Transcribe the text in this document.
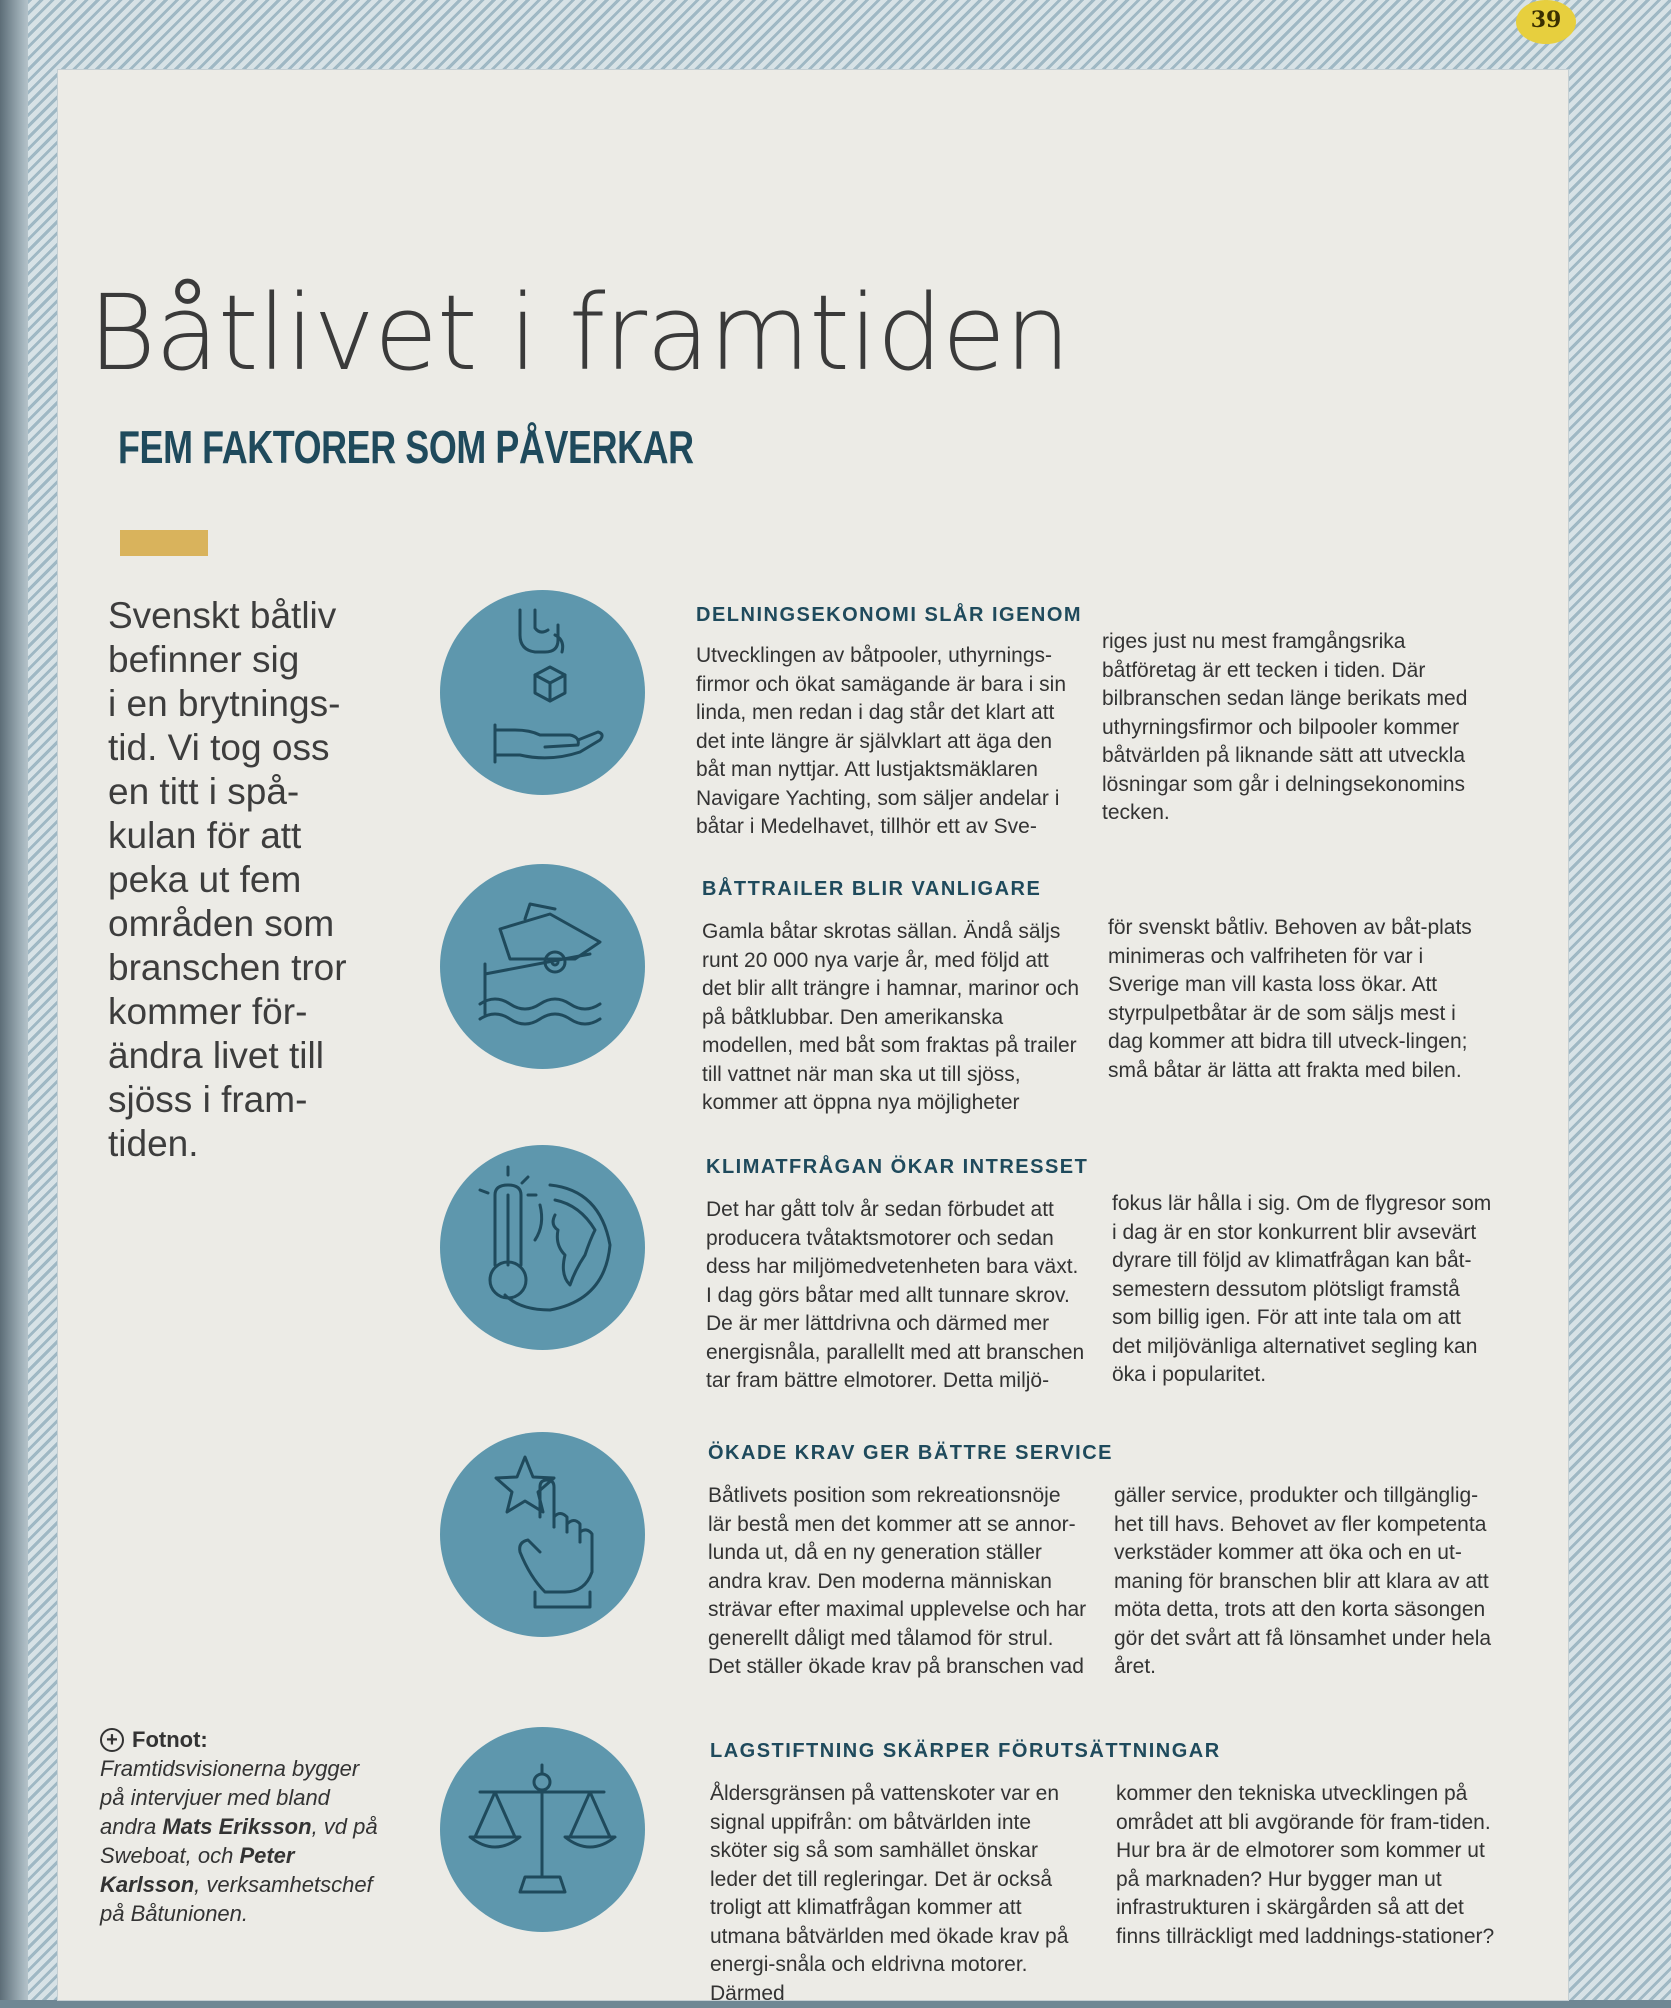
39
Båtlivet i framtiden
FEM FAKTORER SOM PÅVERKAR
Svenskt båtliv
befinner sig
i en brytnings-
tid. Vi tog oss
en titt i spå-
kulan för att
peka ut fem
områden som
branschen tror
kommer för-
ändra livet till
sjöss i fram-
tiden.
DELNINGSEKONOMI SLÅR IGENOM

Utvecklingen av båtpooler, uthyrnings-firmor och ökat samägande är bara i sin linda, men redan i dag står det klart att det inte längre är självklart att äga den båt man nyttjar. Att lustjaktsmäklaren Navigare Yachting, som säljer andelar i båtar i Medelhavet, tillhör ett av Sve-

riges just nu mest framgångsrika båtföretag är ett tecken i tiden. Där bilbranschen sedan länge berikats med uthyrningsfirmor och bilpooler kommer båtvärlden på liknande sätt att utveckla lösningar som går i delningsekonomins tecken.

BÅTTRAILER BLIR VANLIGARE

Gamla båtar skrotas sällan. Ändå säljs runt 20 000 nya varje år, med följd att det blir allt trängre i hamnar, marinor och på båtklubbar. Den amerikanska modellen, med båt som fraktas på trailer till vattnet när man ska ut till sjöss, kommer att öppna nya möjligheter

för svenskt båtliv. Behoven av båt-plats minimeras och valfriheten för var i Sverige man vill kasta loss ökar. Att styrpulpetbåtar är de som säljs mest i dag kommer att bidra till utveck-lingen; små båtar är lätta att frakta med bilen.

KLIMATFRÅGAN ÖKAR INTRESSET

Det har gått tolv år sedan förbudet att producera tvåtaktsmotorer och sedan dess har miljömedvetenheten bara växt. I dag görs båtar med allt tunnare skrov. De är mer lättdrivna och därmed mer energisnåla, parallellt med att branschen tar fram bättre elmotorer. Detta miljö-

fokus lär hålla i sig. Om de flygresor som i dag är en stor konkurrent blir avsevärt dyrare till följd av klimatfrågan kan båt-semestern dessutom plötsligt framstå som billig igen. För att inte tala om att det miljövänliga alternativet segling kan öka i popularitet.

ÖKADE KRAV GER BÄTTRE SERVICE

Båtlivets position som rekreationsnöje lär bestå men det kommer att se annor-lunda ut, då en ny generation ställer andra krav. Den moderna människan strävar efter maximal upplevelse och har generellt dåligt med tålamod för strul. Det ställer ökade krav på branschen vad

gäller service, produkter och tillgänglig-het till havs. Behovet av fler kompetenta verkstäder kommer att öka och en ut-maning för branschen blir att klara av att möta detta, trots att den korta säsongen gör det svårt att få lönsamhet under hela året.

LAGSTIFTNING SKÄRPER FÖRUTSÄTTNINGAR

Åldersgränsen på vattenskoter var en signal uppifrån: om båtvärlden inte sköter sig så som samhället önskar leder det till regleringar. Det är också troligt att klimatfrågan kommer att utmana båtvärlden med ökade krav på energi-snåla och eldrivna motorer. Därmed

kommer den tekniska utvecklingen på området att bli avgörande för fram-tiden. Hur bra är de elmotorer som kommer ut på marknaden? Hur bygger man ut infrastrukturen i skärgården så att det finns tillräckligt med laddnings-stationer?

+ Fotnot:
Framtidsvisionerna bygger på intervjuer med bland andra Mats Eriksson, vd på Sweboat, och Peter Karlsson, verksamhetschef på Båtunionen.
